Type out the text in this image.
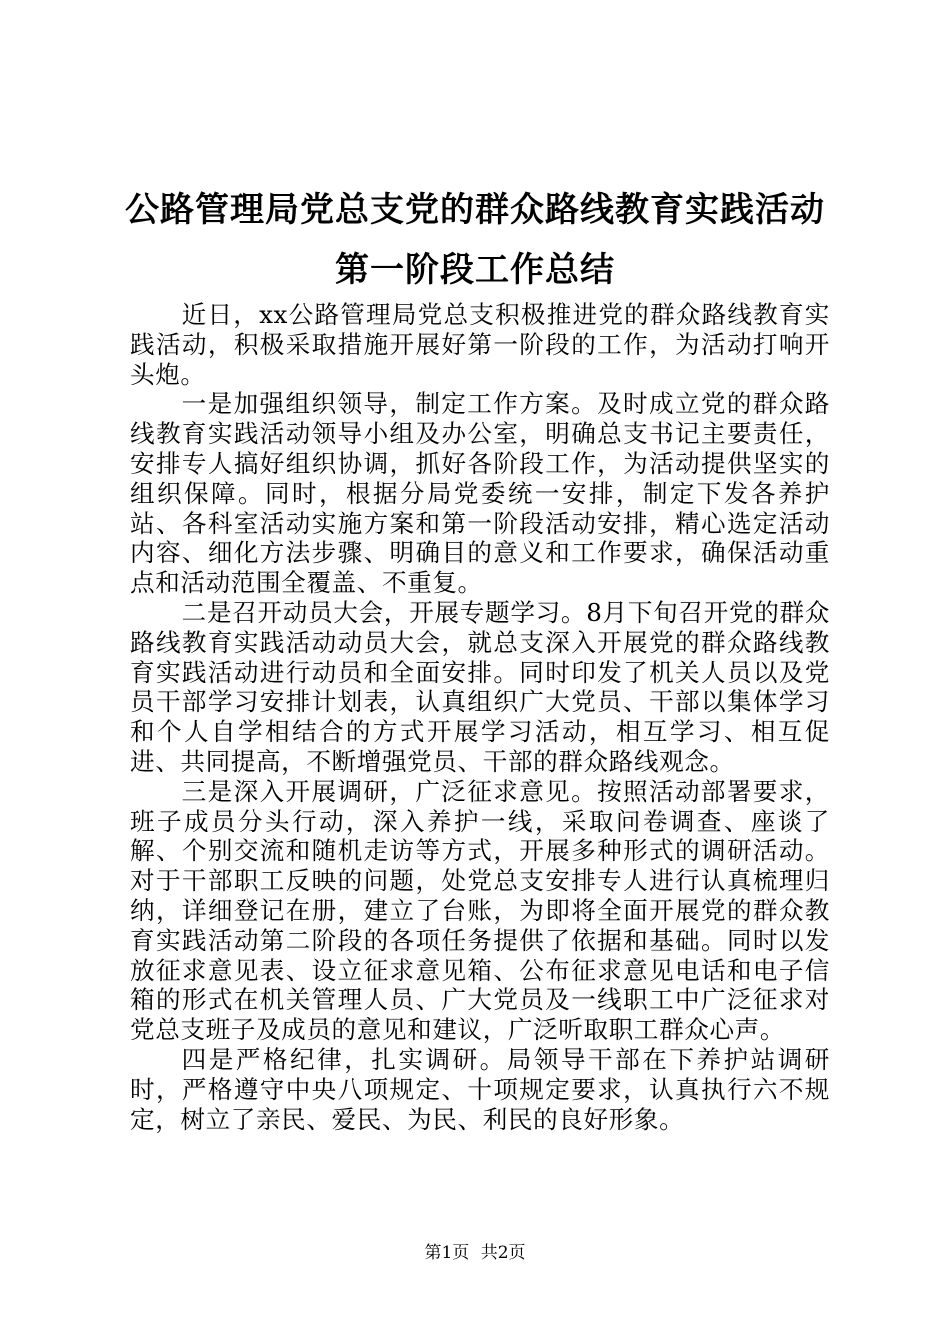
公路管理局党总支党的群众路线教育实践活动
第一阶段工作总结

近日，xx公路管理局党总支积极推进党的群众路线教育实践活动，积极采取措施开展好第一阶段的工作，为活动打响开头炮。

一是加强组织领导，制定工作方案。及时成立党的群众路线教育实践活动领导小组及办公室，明确总支书记主要责任，安排专人搞好组织协调，抓好各阶段工作，为活动提供坚实的组织保障。同时，根据分局党委统一安排，制定下发各养护站、各科室活动实施方案和第一阶段活动安排，精心选定活动内容、细化方法步骤、明确目的意义和工作要求，确保活动重点和活动范围全覆盖、不重复。

二是召开动员大会，开展专题学习。8月下旬召开党的群众路线教育实践活动动员大会，就总支深入开展党的群众路线教育实践活动进行动员和全面安排。同时印发了机关人员以及党员干部学习安排计划表，认真组织广大党员、干部以集体学习和个人自学相结合的方式开展学习活动，相互学习、相互促进、共同提高，不断增强党员、干部的群众路线观念。

三是深入开展调研，广泛征求意见。按照活动部署要求，班子成员分头行动，深入养护一线，采取问卷调查、座谈了解、个别交流和随机走访等方式，开展多种形式的调研活动。对于干部职工反映的问题，处党总支安排专人进行认真梳理归纳，详细登记在册，建立了台账，为即将全面开展党的群众教育实践活动第二阶段的各项任务提供了依据和基础。同时以发放征求意见表、设立征求意见箱、公布征求意见电话和电子信箱的形式在机关管理人员、广大党员及一线职工中广泛征求对党总支班子及成员的意见和建议，广泛听取职工群众心声。

四是严格纪律，扎实调研。局领导干部在下养护站调研时，严格遵守中央八项规定、十项规定要求，认真执行六不规定，树立了亲民、爱民、为民、利民的良好形象。

第1页 共2页
